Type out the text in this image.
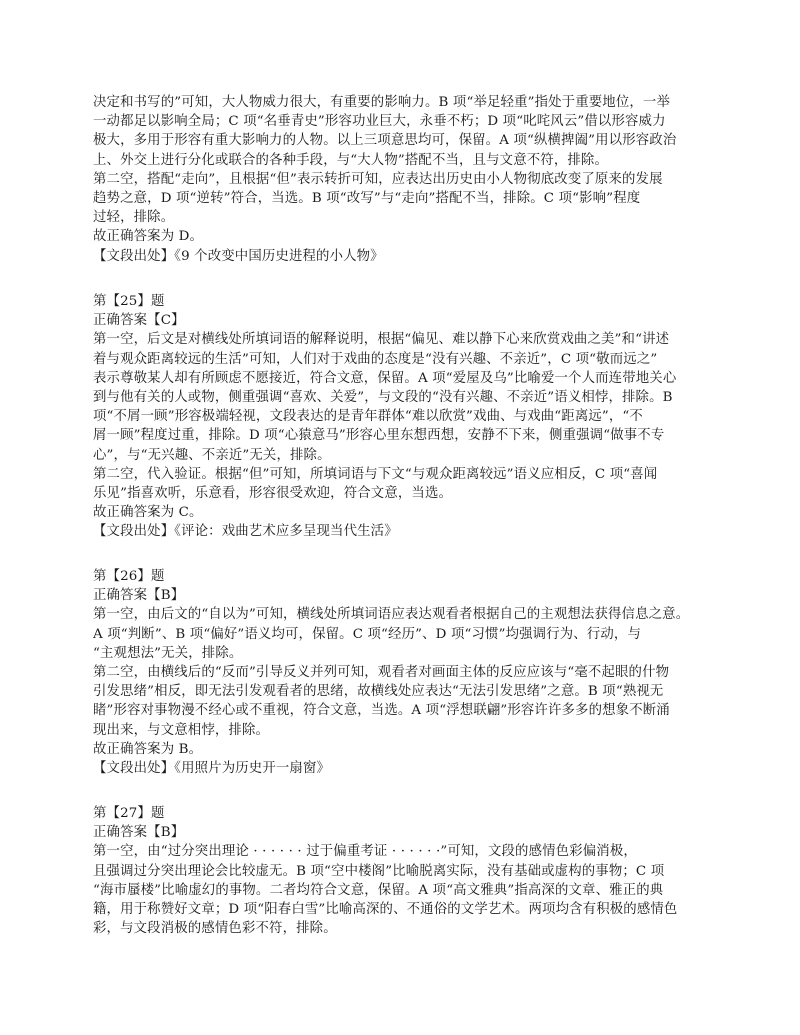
决定和书写的”可知，大人物威力很大，有重要的影响力。B 项“举足轻重”指处于重要地位，一举
一动都足以影响全局；C 项“名垂青史”形容功业巨大，永垂不朽；D 项“叱咤风云”借以形容威力
极大，多用于形容有重大影响力的人物。以上三项意思均可，保留。A 项“纵横捭阖”用以形容政治
上、外交上进行分化或联合的各种手段，与“大人物”搭配不当，且与文意不符，排除。
第二空，搭配“走向”，且根据“但”表示转折可知，应表达出历史由小人物彻底改变了原来的发展
趋势之意，D 项“逆转”符合，当选。B 项“改写”与“走向”搭配不当，排除。C 项“影响”程度
过轻，排除。
故正确答案为 D。
【文段出处】《9 个改变中国历史进程的小人物》
第【25】题
正确答案【C】
第一空，后文是对横线处所填词语的解释说明，根据“偏见、难以静下心来欣赏戏曲之美”和“讲述
着与观众距离较远的生活”可知，人们对于戏曲的态度是“没有兴趣、不亲近”，C 项“敬而远之”
表示尊敬某人却有所顾虑不愿接近，符合文意，保留。A 项“爱屋及乌”比喻爱一个人而连带地关心
到与他有关的人或物，侧重强调“喜欢、关爱”，与文段的“没有兴趣、不亲近”语义相悖，排除。B
项“不屑一顾”形容极端轻视，文段表达的是青年群体“难以欣赏”戏曲、与戏曲“距离远”，“不
屑一顾”程度过重，排除。D 项“心猿意马”形容心里东想西想，安静不下来，侧重强调“做事不专
心”，与“无兴趣、不亲近”无关，排除。
第二空，代入验证。根据“但”可知，所填词语与下文“与观众距离较远”语义应相反，C 项“喜闻
乐见”指喜欢听，乐意看，形容很受欢迎，符合文意，当选。
故正确答案为 C。
【文段出处】《评论：戏曲艺术应多呈现当代生活》
第【26】题
正确答案【B】
第一空，由后文的“自以为”可知，横线处所填词语应表达观看者根据自己的主观想法获得信息之意。
A 项“判断”、B 项“偏好”语义均可，保留。C 项“经历”、D 项“习惯”均强调行为、行动，与
“主观想法”无关，排除。
第二空，由横线后的“反而”引导反义并列可知，观看者对画面主体的反应应该与“毫不起眼的什物
引发思绪”相反，即无法引发观看者的思绪，故横线处应表达“无法引发思绪”之意。B 项“熟视无
睹”形容对事物漫不经心或不重视，符合文意，当选。A 项“浮想联翩”形容许许多多的想象不断涌
现出来，与文意相悖，排除。
故正确答案为 B。
【文段出处】《用照片为历史开一扇窗》
第【27】题
正确答案【B】
第一空，由“过分突出理论 · · · · · · 过于偏重考证 · · · · · ·”可知，文段的感情色彩偏消极，
且强调过分突出理论会比较虚无。B 项“空中楼阁”比喻脱离实际，没有基础或虚构的事物；C 项
“海市蜃楼”比喻虚幻的事物。二者均符合文意，保留。A 项“高文雅典”指高深的文章、雅正的典
籍，用于称赞好文章；D 项“阳春白雪”比喻高深的、不通俗的文学艺术。两项均含有积极的感情色
彩，与文段消极的感情色彩不符，排除。
